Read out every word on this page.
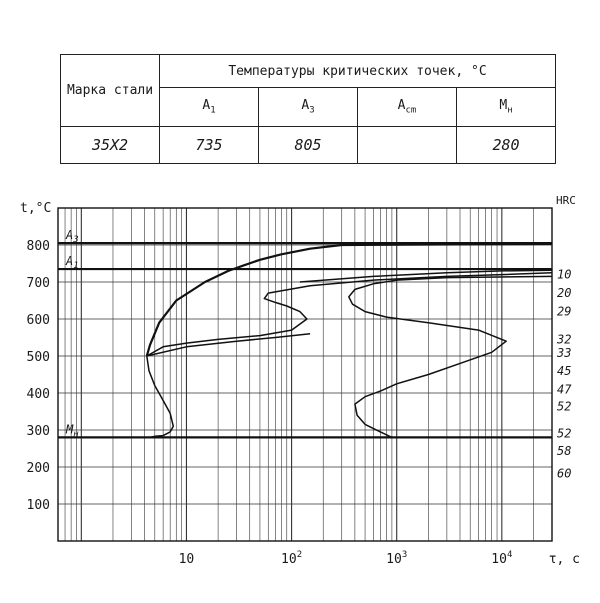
Марка стали	Температуры критических точек, °C			
	$A_1$	$A_3$	$A_{cm}$	$M_н$
35Х2	735	805		280
$A_3$
$A_1$
$M_н$
100
200
300
400
500
600
700
800
10	$10^2$	$10^3$	$10^4$
t,°C
τ, с
HRC
10
20
29
32
33
45
47
52
52
58
60
